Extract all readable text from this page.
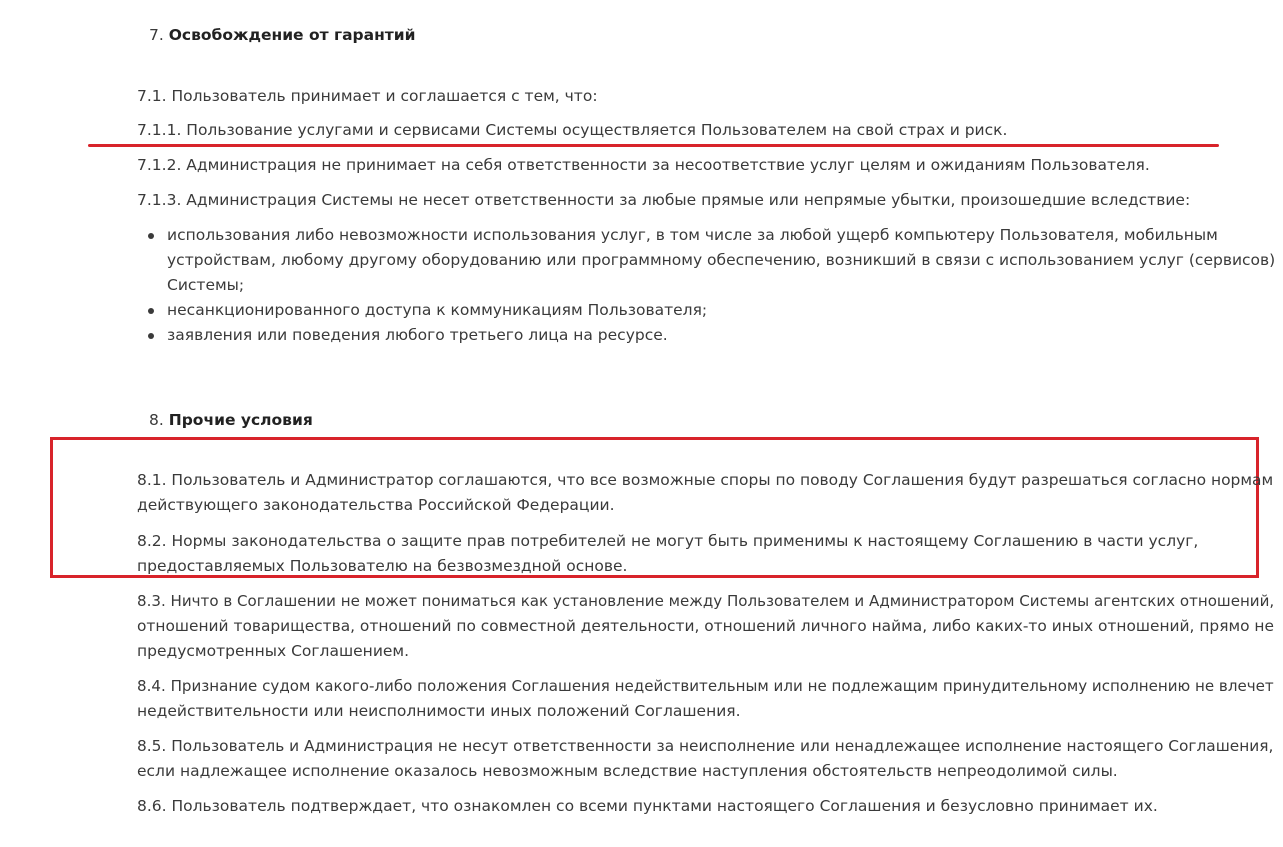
7. Освобождение от гарантий
7.1. Пользователь принимает и соглашается с тем, что:
7.1.1. Пользование услугами и сервисами Системы осуществляется Пользователем на свой страх и риск.
7.1.2. Администрация не принимает на себя ответственности за несоответствие услуг целям и ожиданиям Пользователя.
7.1.3. Администрация Системы не несет ответственности за любые прямые или непрямые убытки, произошедшие вследствие:
использования либо невозможности использования услуг, в том числе за любой ущерб компьютеру Пользователя, мобильным
устройствам, любому другому оборудованию или программному обеспечению, возникший в связи с использованием услуг (сервисов)
Системы;
несанкционированного доступа к коммуникациям Пользователя;
заявления или поведения любого третьего лица на ресурсе.
8. Прочие условия
8.1. Пользователь и Администратор соглашаются, что все возможные споры по поводу Соглашения будут разрешаться согласно нормам
действующего законодательства Российской Федерации.
8.2. Нормы законодательства о защите прав потребителей не могут быть применимы к настоящему Соглашению в части услуг,
предоставляемых Пользователю на безвозмездной основе.
8.3. Ничто в Соглашении не может пониматься как установление между Пользователем и Администратором Системы агентских отношений,
отношений товарищества, отношений по совместной деятельности, отношений личного найма, либо каких-то иных отношений, прямо не
предусмотренных Соглашением.
8.4. Признание судом какого-либо положения Соглашения недействительным или не подлежащим принудительному исполнению не влечет
недействительности или неисполнимости иных положений Соглашения.
8.5. Пользователь и Администрация не несут ответственности за неисполнение или ненадлежащее исполнение настоящего Соглашения,
если надлежащее исполнение оказалось невозможным вследствие наступления обстоятельств непреодолимой силы.
8.6. Пользователь подтверждает, что ознакомлен со всеми пунктами настоящего Соглашения и безусловно принимает их.
